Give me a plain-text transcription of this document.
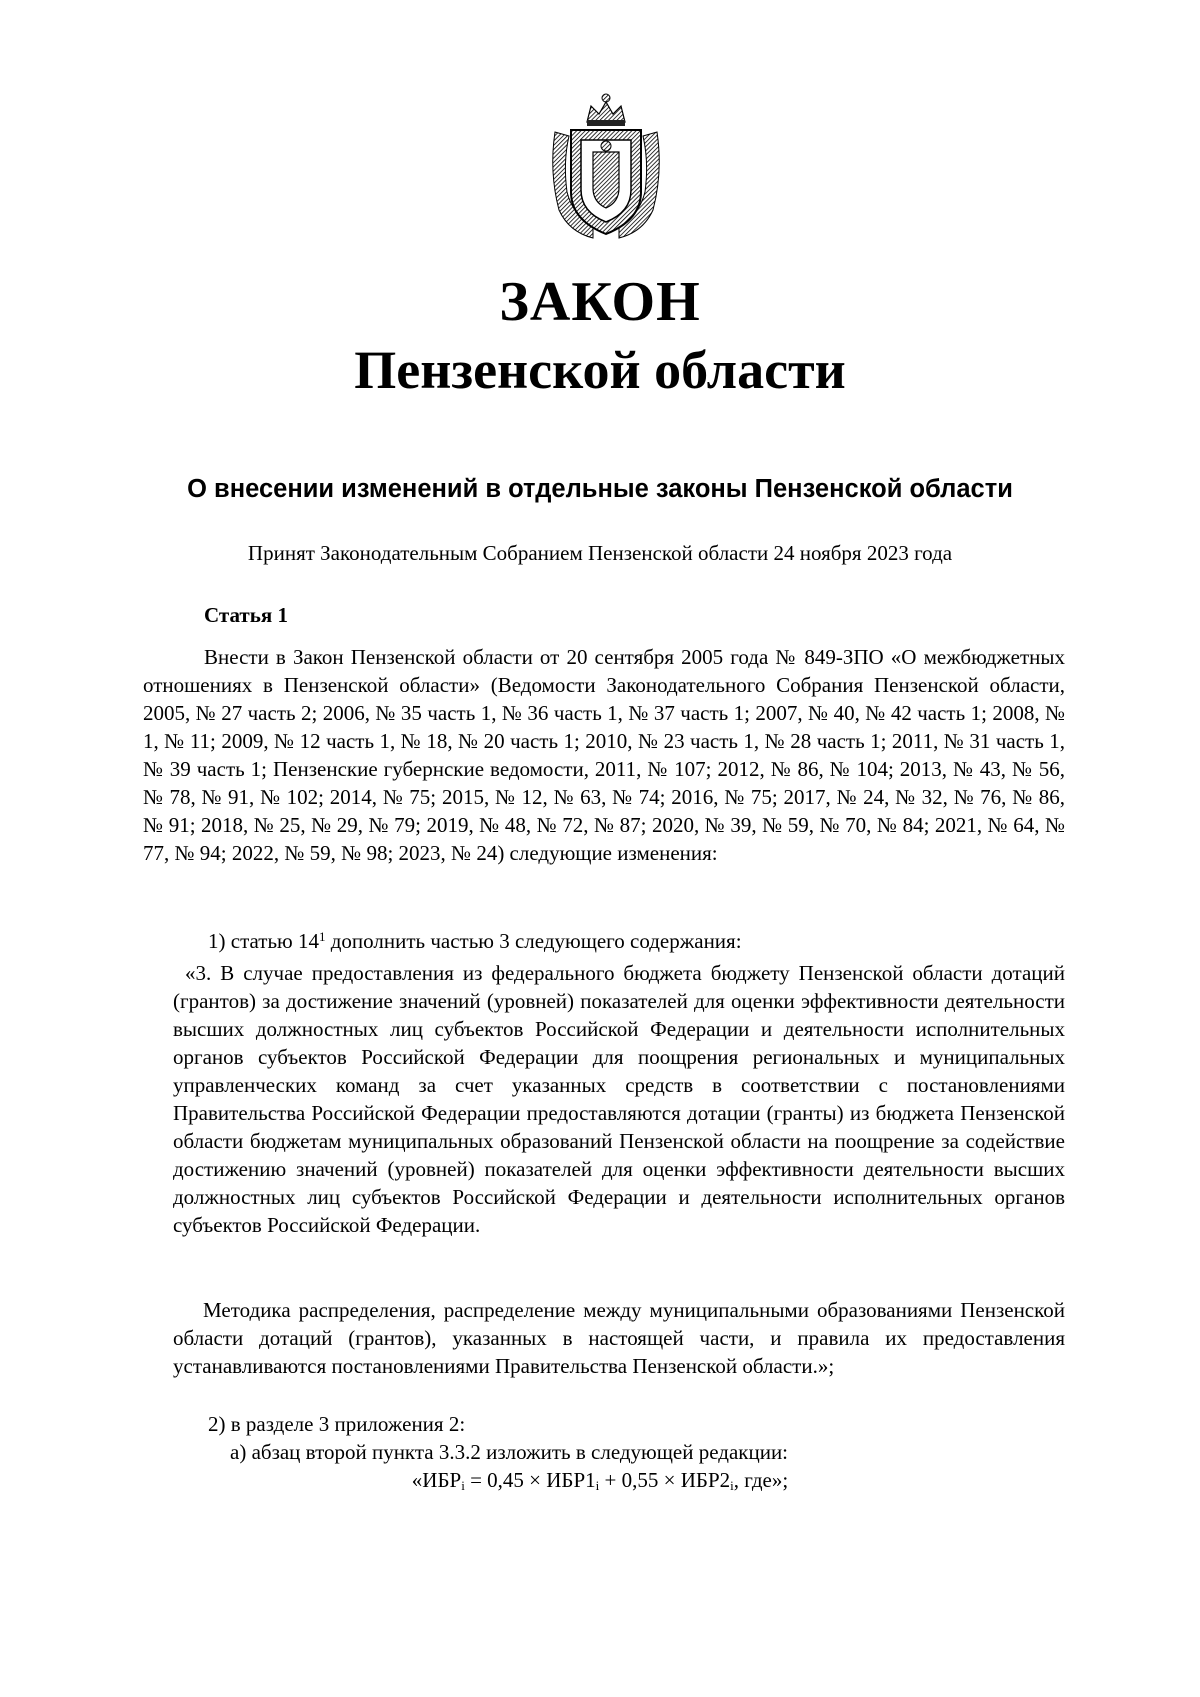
ЗАКОН
Пензенской области
О внесении изменений в отдельные законы Пензенской области
Принят Законодательным Собранием Пензенской области 24 ноября 2023 года
Статья 1
Внести в Закон Пензенской области от 20 сентября 2005 года № 849-ЗПО «О межбюджетных отношениях в Пензенской области» (Ведомости Законодательного Собрания Пензенской области, 2005, № 27 часть 2; 2006, № 35 часть 1, № 36 часть 1, № 37 часть 1; 2007, № 40, № 42 часть 1; 2008, № 1, № 11; 2009, № 12 часть 1, № 18, № 20 часть 1; 2010, № 23 часть 1, № 28 часть 1; 2011, № 31 часть 1, № 39 часть 1; Пензенские губернские ведомости, 2011, № 107; 2012, № 86, № 104; 2013, № 43, № 56, № 78, № 91, № 102; 2014, № 75; 2015, № 12, № 63, № 74; 2016, № 75; 2017, № 24, № 32, № 76, № 86, № 91; 2018, № 25, № 29, № 79; 2019, № 48, № 72, № 87; 2020, № 39, № 59, № 70, № 84; 2021, № 64, № 77, № 94; 2022, № 59, № 98; 2023, № 24) следующие изменения:
1) статью $14^1$ дополнить частью 3 следующего содержания:
«3. В случае предоставления из федерального бюджета бюджету Пензенской области дотаций (грантов) за достижение значений (уровней) показателей для оценки эффективности деятельности высших должностных лиц субъектов Российской Федерации и деятельности исполнительных органов субъектов Российской Федерации для поощрения региональных и муниципальных управленческих команд за счет указанных средств в соответствии с постановлениями Правительства Российской Федерации предоставляются дотации (гранты) из бюджета Пензенской области бюджетам муниципальных образований Пензенской области на поощрение за содействие достижению значений (уровней) показателей для оценки эффективности деятельности высших должностных лиц субъектов Российской Федерации и деятельности исполнительных органов субъектов Российской Федерации.
Методика распределения, распределение между муниципальными образованиями Пензенской области дотаций (грантов), указанных в настоящей части, и правила их предоставления устанавливаются постановлениями Правительства Пензенской области.»;
2) в разделе 3 приложения 2:
а) абзац второй пункта 3.3.2 изложить в следующей редакции:
«$ИБР_i = 0,45 \times ИБР1_i + 0,55 \times ИБР2_i$, где»;
